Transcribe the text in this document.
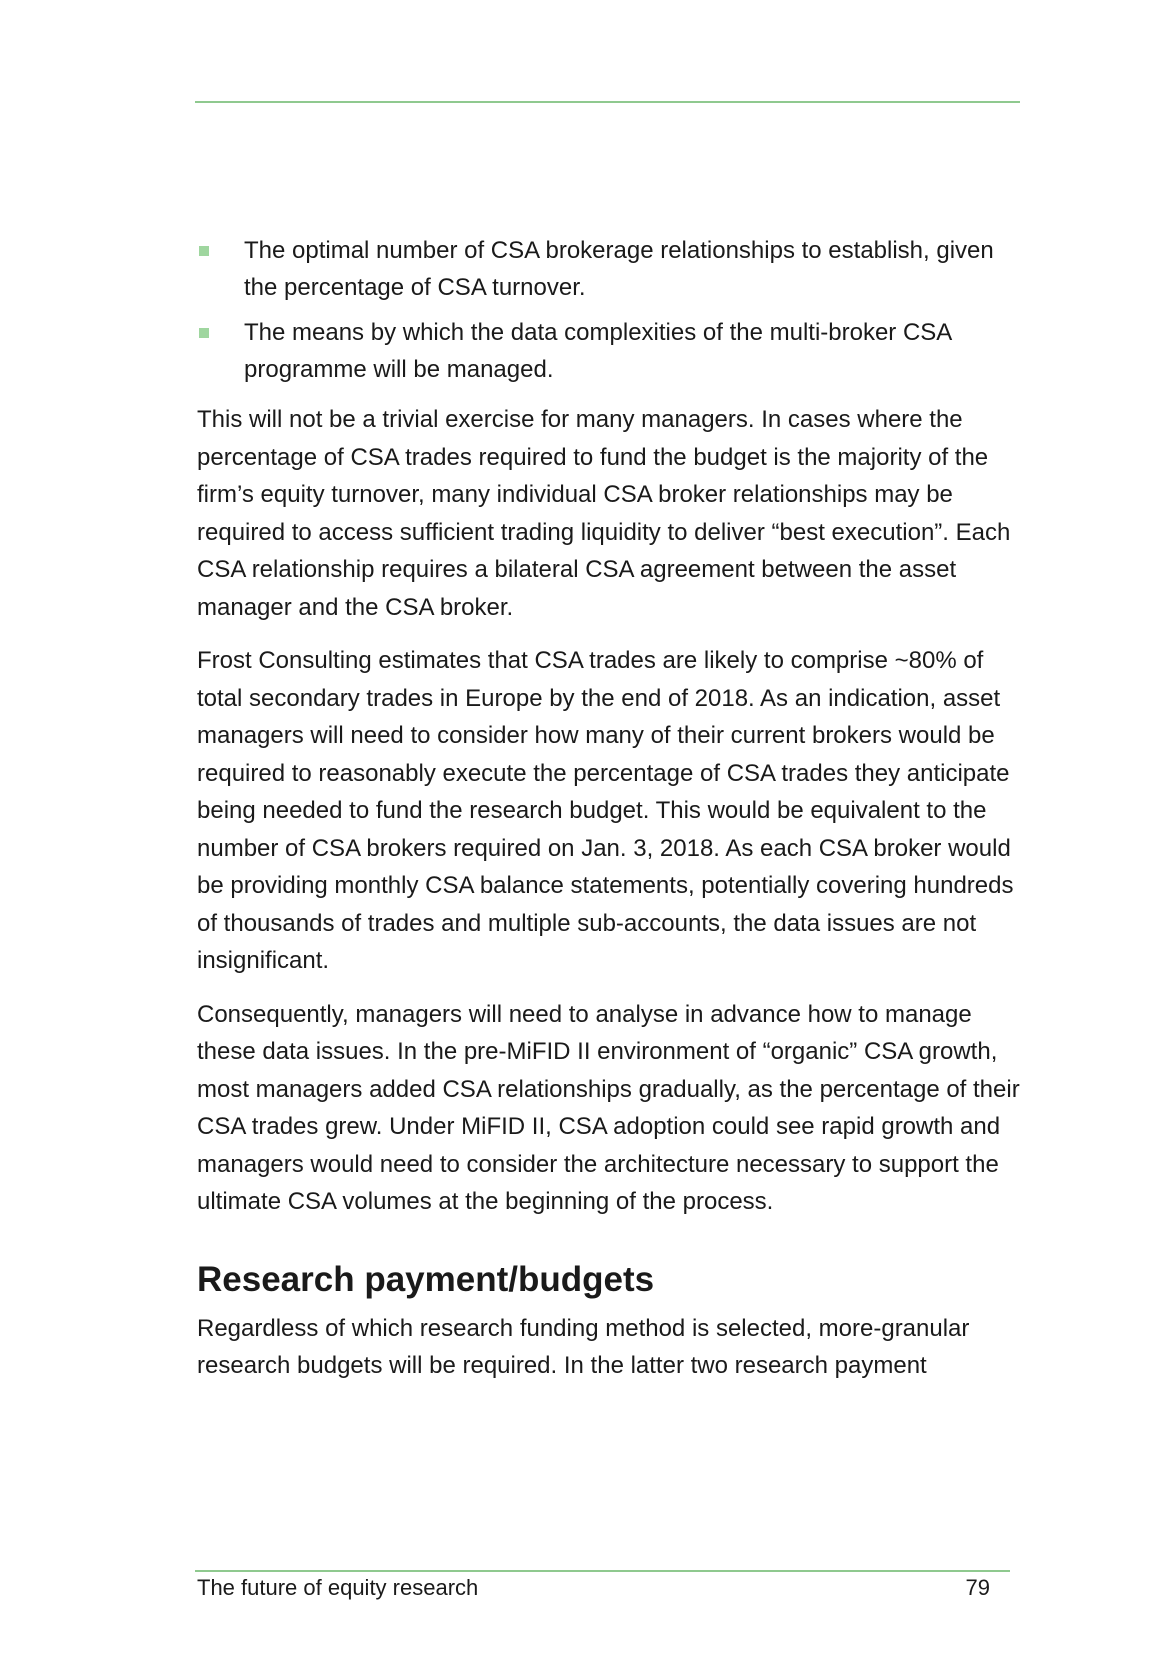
The optimal number of CSA brokerage relationships to establish, given the percentage of CSA turnover.
The means by which the data complexities of the multi-broker CSA programme will be managed.

This will not be a trivial exercise for many managers. In cases where the percentage of CSA trades required to fund the budget is the majority of the firm’s equity turnover, many individual CSA broker relationships may be required to access sufficient trading liquidity to deliver “best execution”. Each CSA relationship requires a bilateral CSA agreement between the asset manager and the CSA broker.

Frost Consulting estimates that CSA trades are likely to comprise ~80% of total secondary trades in Europe by the end of 2018. As an indication, asset managers will need to consider how many of their current brokers would be required to reasonably execute the percentage of CSA trades they anticipate being needed to fund the research budget. This would be equivalent to the number of CSA brokers required on Jan. 3, 2018. As each CSA broker would be providing monthly CSA balance statements, potentially covering hundreds of thousands of trades and multiple sub-accounts, the data issues are not insignificant.

Consequently, managers will need to analyse in advance how to manage these data issues. In the pre-MiFID II environment of “organic” CSA growth, most managers added CSA relationships gradually, as the percentage of their CSA trades grew. Under MiFID II, CSA adoption could see rapid growth and managers would need to consider the architecture necessary to support the ultimate CSA volumes at the beginning of the process.

Research payment/budgets

Regardless of which research funding method is selected, more-granular research budgets will be required. In the latter two research payment

The future of equity research	79
